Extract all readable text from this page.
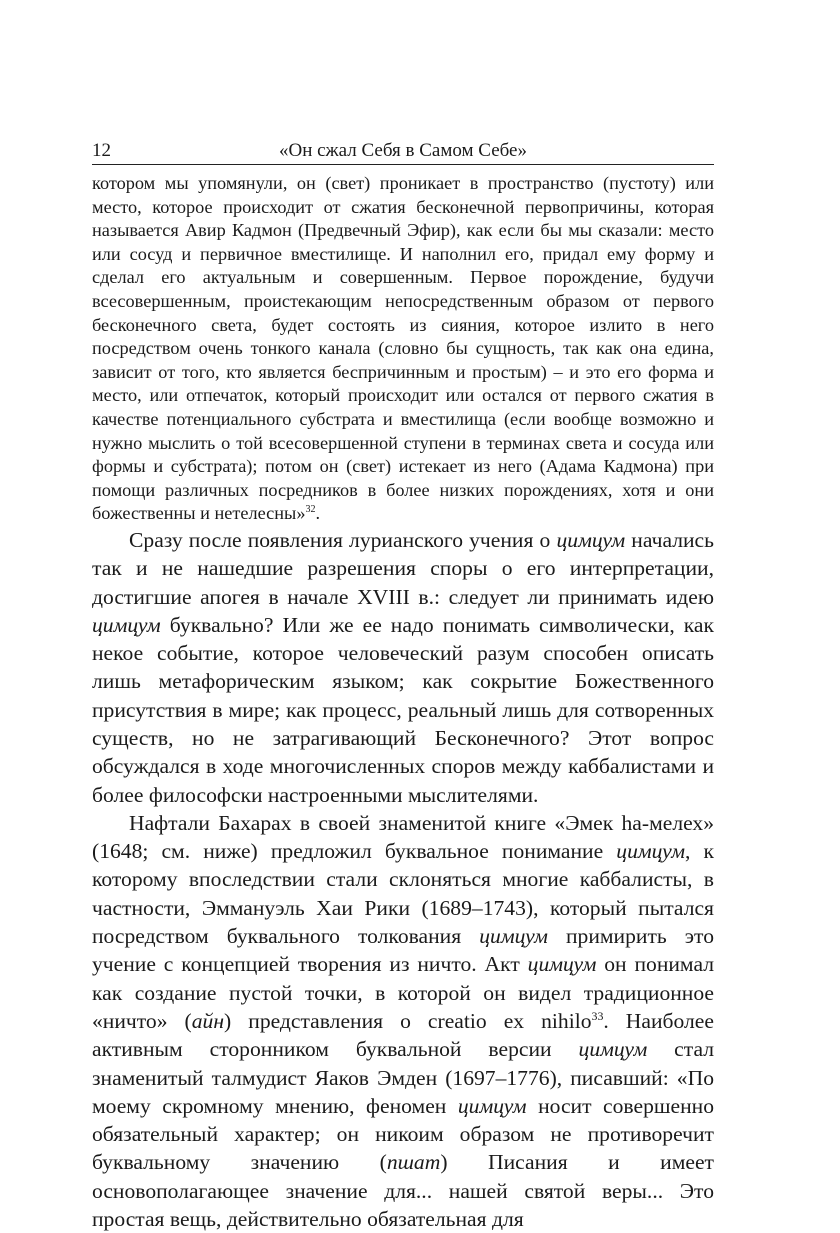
12	«Он сжал Себя в Самом Себе»

котором мы упомянули, он (свет) проникает в пространство (пустоту) или место, которое происходит от сжатия бесконечной первопричины, которая называется Авир Кадмон (Предвечный Эфир), как если бы мы сказали: место или сосуд и первичное вместилище. И наполнил его, придал ему форму и сделал его актуальным и совершенным. Первое порождение, будучи всесовершенным, проистекающим непосредственным образом от первого бесконечного света, будет состоять из сияния, которое излито в него посредством очень тонкого канала (словно бы сущность, так как она едина, зависит от того, кто является беспричинным и простым) – и это его форма и место, или отпечаток, который происходит или остался от первого сжатия в качестве потенциального субстрата и вместилища (если вообще возможно и нужно мыслить о той всесовершенной ступени в терминах света и сосуда или формы и субстрата); потом он (свет) истекает из него (Адама Кадмона) при помощи различных посредников в более низких порождениях, хотя и они божественны и нетелесны»$^{32}$.

Сразу после появления лурианского учения о цимцум начались так и не нашедшие разрешения споры о его интерпретации, достигшие апогея в начале XVIII в.: следует ли принимать идею цимцум буквально? Или же ее надо понимать символически, как некое событие, которое человеческий разум способен описать лишь метафорическим языком; как сокрытие Божественного присутствия в мире; как процесс, реальный лишь для сотворенных существ, но не затрагивающий Бесконечного? Этот вопрос обсуждался в ходе многочисленных споров между каббалистами и более философски настроенными мыслителями.

Нафтали Бахарах в своей знаменитой книге «Эмек hа-мелех» (1648; см. ниже) предложил буквальное понимание цимцум, к которому впоследствии стали склоняться многие каббалисты, в частности, Эммануэль Хаи Рики (1689–1743), который пытался посредством буквального толкования цимцум примирить это учение с концепцией творения из ничто. Акт цимцум он понимал как создание пустой точки, в которой он видел традиционное «ничто» (айн) представления о creatio ex nihilo$^{33}$. Наиболее активным сторонником буквальной версии цимцум стал знаменитый талмудист Яаков Эмден (1697–1776), писавший: «По моему скромному мнению, феномен цимцум носит совершенно обязательный характер; он никоим образом не противоречит буквальному значению (пшат) Писания и имеет основополагающее значение для... нашей святой веры... Это простая вещь, действительно обязательная для
